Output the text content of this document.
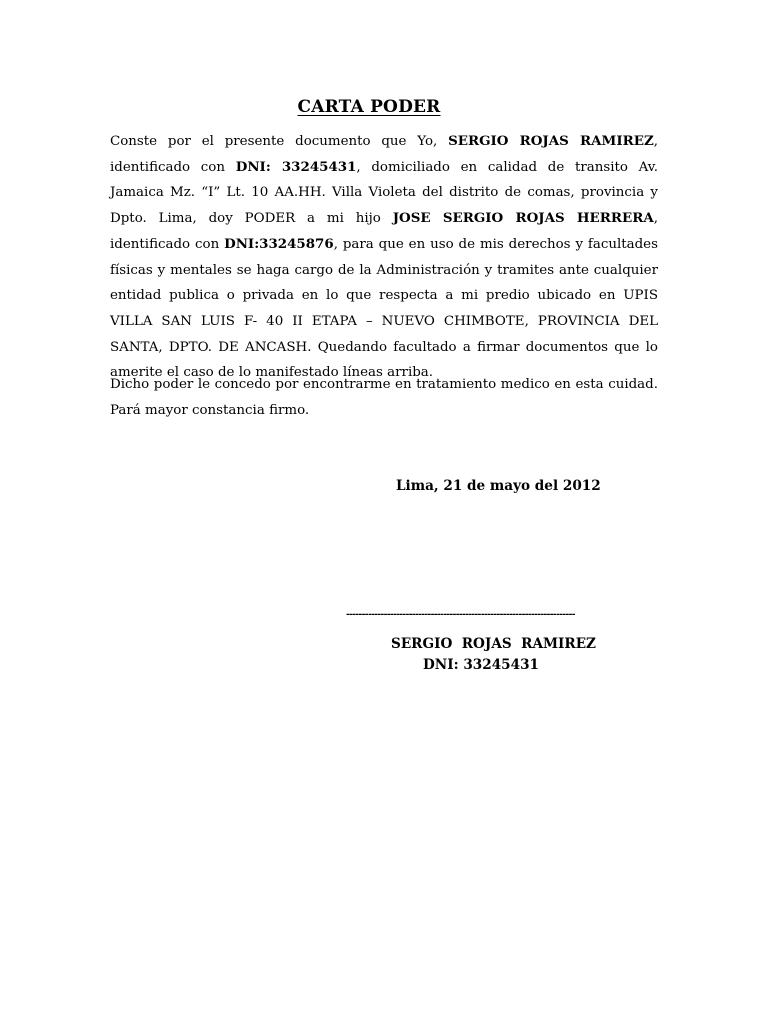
CARTA PODER

Conste por el presente documento que Yo, SERGIO ROJAS RAMIREZ, identificado con DNI: 33245431, domiciliado en calidad de transito Av. Jamaica Mz. “I” Lt. 10 AA.HH. Villa Violeta del distrito de comas, provincia y Dpto. Lima, doy PODER a mi hijo JOSE SERGIO ROJAS HERRERA, identificado con DNI:33245876, para que en uso de mis derechos y facultades físicas y mentales se haga cargo de la Administración y tramites ante cualquier entidad publica o privada en lo que respecta a mi predio ubicado en UPIS VILLA SAN LUIS F- 40 II ETAPA – NUEVO CHIMBOTE, PROVINCIA DEL SANTA, DPTO. DE ANCASH. Quedando facultado a firmar documentos que lo amerite el caso de lo manifestado líneas arriba.

Dicho poder le concedo por encontrarme en tratamiento medico en esta cuidad. Pará mayor constancia firmo.

Lima, 21 de mayo del 2012
-------------------------------------------------------------------------
SERGIO  ROJAS  RAMIREZ
DNI: 33245431
